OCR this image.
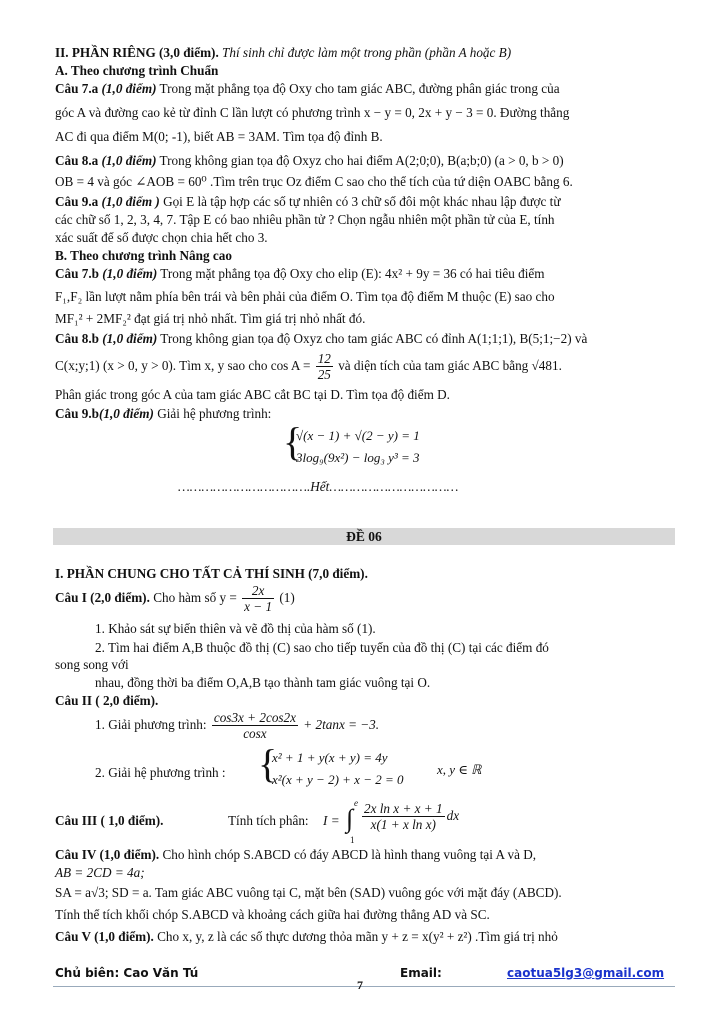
II. PHẦN RIÊNG (3,0 điểm). Thí sinh chỉ được làm một trong phần (phần A hoặc B)
A. Theo chương trình Chuẩn
Câu 7.a (1,0 điểm) Trong mặt phẳng tọa độ Oxy cho tam giác ABC, đường phân giác trong của
góc A và đường cao kẻ từ đỉnh C lần lượt có phương trình x − y = 0, 2x + y − 3 = 0. Đường thẳng
AC đi qua điểm M(0; -1), biết AB = 3AM. Tìm tọa độ đỉnh B.
Câu 8.a (1,0 điểm) Trong không gian tọa độ Oxyz cho hai điểm A(2;0;0), B(a;b;0) (a > 0, b > 0)
OB = 4 và góc ∠AOB = 60⁰ .Tìm trên trục Oz điểm C sao cho thể tích của tứ diện OABC bằng 6.
Câu 9.a (1,0 điểm ) Gọi E là tập hợp các số tự nhiên có 3 chữ số đôi một khác nhau lập được từ
các chữ số 1, 2, 3, 4, 7. Tập E có bao nhiêu phần tử ? Chọn ngẫu nhiên một phần tử của E, tính
xác suất để số được chọn chia hết cho 3.
B. Theo chương trình Nâng cao
Câu 7.b (1,0 điểm) Trong mặt phẳng tọa độ Oxy cho elip (E): 4x² + 9y = 36 có hai tiêu điểm
F₁,F₂ lần lượt nằm phía bên trái và bên phải của điểm O. Tìm tọa độ điểm M thuộc (E) sao cho
MF₁² + 2MF₂² đạt giá trị nhỏ nhất. Tìm giá trị nhỏ nhất đó.
Câu 8.b (1,0 điểm) Trong không gian tọa độ Oxyz cho tam giác ABC có đỉnh A(1;1;1), B(5;1;−2) và
C(x;y;1) (x > 0, y > 0). Tìm x, y sao cho $\cos A = \frac{12}{25}$ và diện tích của tam giác ABC bằng √481.
Phân giác trong góc A của tam giác ABC cắt BC tại D. Tìm tọa độ điểm D.
Câu 9.b(1,0 điểm) Giải hệ phương trình:
{
√(x − 1) + √(2 − y) = 1
3log₉(9x²) − log₃ y³ = 3
…………………………….Hết……………………………
ĐỀ 06
I. PHẦN CHUNG CHO TẤT CẢ THÍ SINH (7,0 điểm).
Câu I (2,0 điểm). Cho hàm số $y = \frac{2x}{x - 1} (1)$
1. Khảo sát sự biến thiên và vẽ đồ thị của hàm số (1).
2. Tìm hai điểm A,B thuộc đồ thị (C) sao cho tiếp tuyến của đồ thị (C) tại các điểm đó
song song với
nhau, đồng thời ba điểm O,A,B tạo thành tam giác vuông tại O.
Câu II ( 2,0 điểm).
1. Giải phương trình: $\frac{\cos 3x + 2\cos 2x}{\cos x} + 2\tan x = -3$.
2. Giải hệ phương trình : {
x² + 1 + y(x + y) = 4y
x²(x + y − 2) + x − 2 = 0
x, y ∈ ℝ
Câu III ( 1,0 điểm).	Tính tích phân:	I = ∫
e
1
$\frac{\text{2x ln x + x + 1}}{\text{x(1 + x ln x)}}$ dx
Câu IV (1,0 điểm). Cho hình chóp S.ABCD có đáy ABCD là hình thang vuông tại A và D,
AB = 2CD = 4a;
SA = a√3; SD = a. Tam giác ABC vuông tại C, mặt bên (SAD) vuông góc với mặt đáy (ABCD).
Tính thể tích khối chóp S.ABCD và khoảng cách giữa hai đường thẳng AD và SC.
Câu V (1,0 điểm). Cho x, y, z là các số thực dương thỏa mãn y + z = x(y² + z²) .Tìm giá trị nhỏ
Chủ biên: Cao Văn Tú	Email:	caotua5lg3@gmail.com
7
